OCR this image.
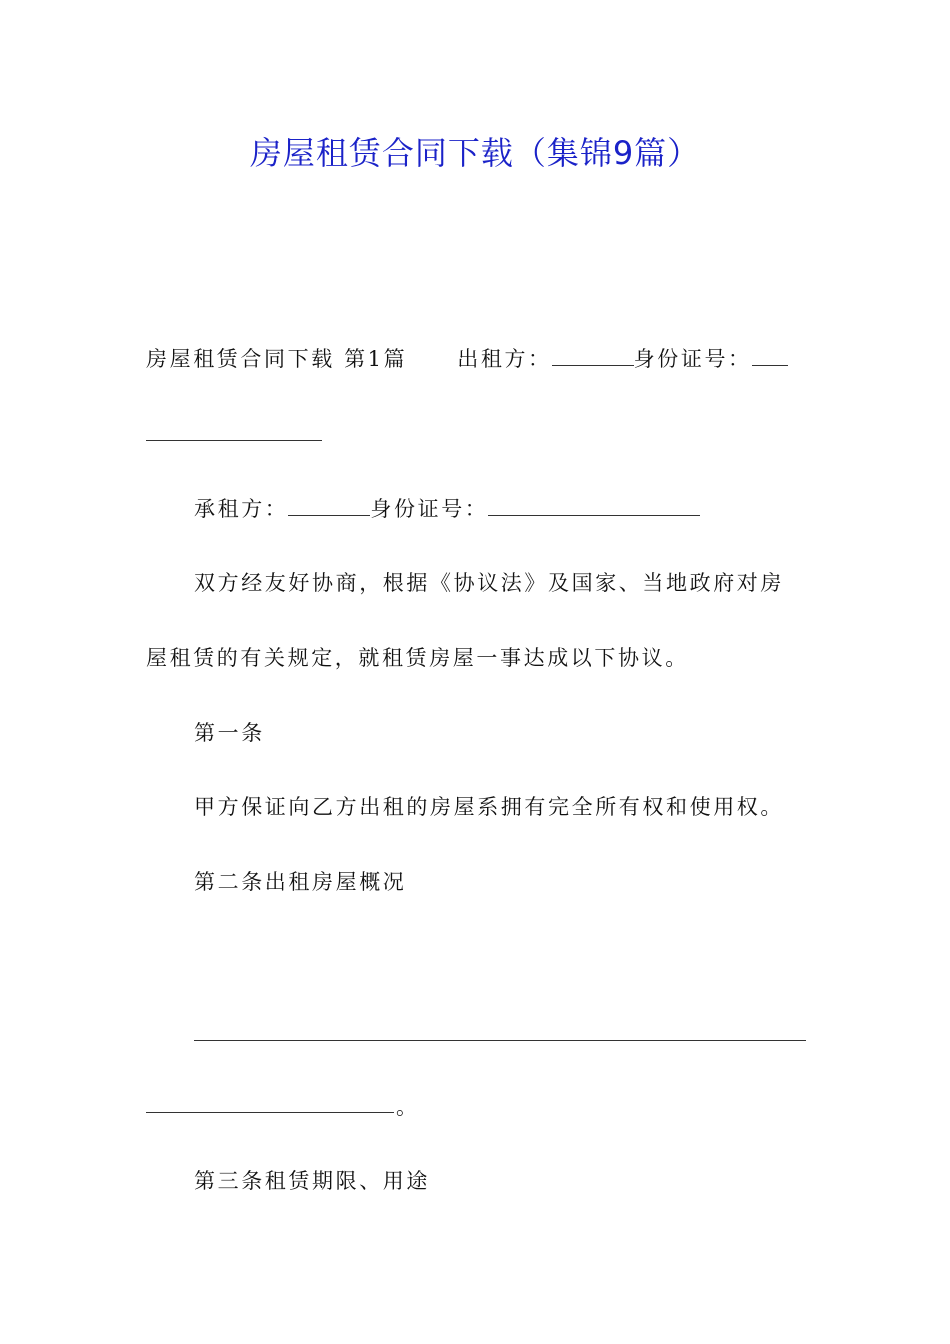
房屋租赁合同下载（集锦9篇）
房屋租赁合同下载 第1篇 出租方：	身份证号：
承租方：	身份证号：
双方经友好协商，根据《协议法》及国家、当地政府对房
屋租赁的有关规定，就租赁房屋一事达成以下协议。
第一条
甲方保证向乙方出租的房屋系拥有完全所有权和使用权。
第二条出租房屋概况
。
第三条租赁期限、用途
